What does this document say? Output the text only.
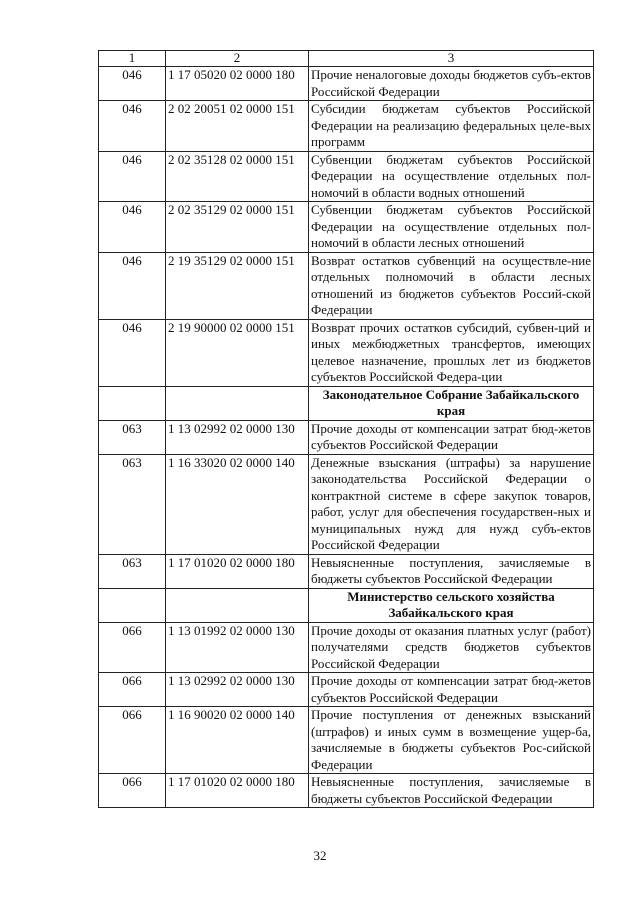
1	2	3
046	1 17 05020 02 0000 180	Прочие неналоговые доходы бюджетов субъ-ектов Российской Федерации
046	2 02 20051 02 0000 151	Субсидии бюджетам субъектов Российской Федерации на реализацию федеральных целе-вых программ
046	2 02 35128 02 0000 151	Субвенции бюджетам субъектов Российской Федерации на осуществление отдельных пол-номочий в области водных отношений
046	2 02 35129 02 0000 151	Субвенции бюджетам субъектов Российской Федерации на осуществление отдельных пол-номочий в области лесных отношений
046	2 19 35129 02 0000 151	Возврат остатков субвенций на осуществле-ние отдельных полномочий в области лесных отношений из бюджетов субъектов Россий-ской Федерации
046	2 19 90000 02 0000 151	Возврат прочих остатков субсидий, субвен-ций и иных межбюджетных трансфертов, имеющих целевое назначение, прошлых лет из бюджетов субъектов Российской Федера-ции
		Законодательное Собрание Забайкальского края
063	1 13 02992 02 0000 130	Прочие доходы от компенсации затрат бюд-жетов субъектов Российской Федерации
063	1 16 33020 02 0000 140	Денежные взыскания (штрафы) за нарушение законодательства Российской Федерации о контрактной системе в сфере закупок товаров, работ, услуг для обеспечения государствен-ных и муниципальных нужд для нужд субъ-ектов Российской Федерации
063	1 17 01020 02 0000 180	Невыясненные поступления, зачисляемые в бюджеты субъектов Российской Федерации
		Министерство сельского хозяйства Забайкальского края
066	1 13 01992 02 0000 130	Прочие доходы от оказания платных услуг (работ) получателями средств бюджетов субъектов Российской Федерации
066	1 13 02992 02 0000 130	Прочие доходы от компенсации затрат бюд-жетов субъектов Российской Федерации
066	1 16 90020 02 0000 140	Прочие поступления от денежных взысканий (штрафов) и иных сумм в возмещение ущер-ба, зачисляемые в бюджеты субъектов Рос-сийской Федерации
066	1 17 01020 02 0000 180	Невыясненные поступления, зачисляемые в бюджеты субъектов Российской Федерации
32
